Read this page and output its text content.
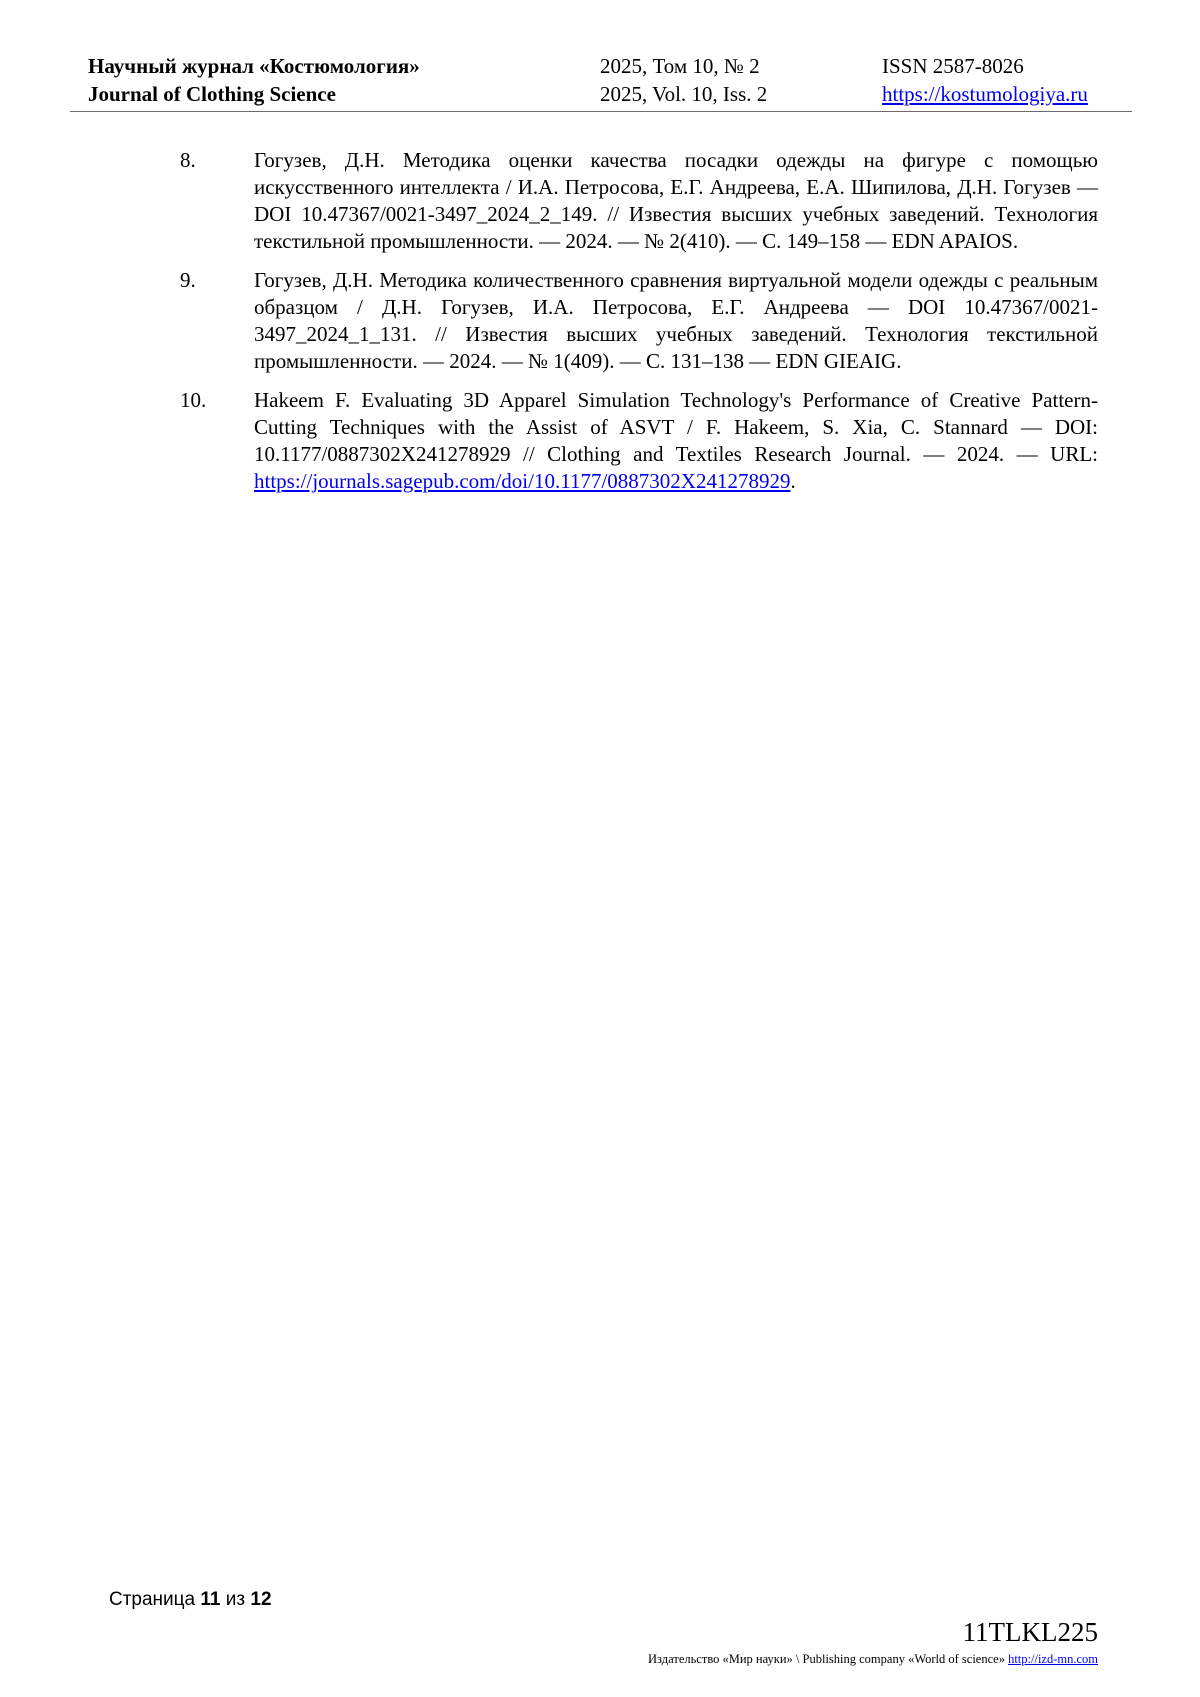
Научный журнал «Костюмология»
Journal of Clothing Science
2025, Том 10, № 2
2025, Vol. 10, Iss. 2
ISSN 2587-8026
https://kostumologiya.ru
8.	Гогузев, Д.Н. Методика оценки качества посадки одежды на фигуре с помощью искусственного интеллекта / И.А. Петросова, Е.Г. Андреева, Е.А. Шипилова, Д.Н. Гогузев — DOI 10.47367/0021-3497_2024_2_149. // Известия высших учебных заведений. Технология текстильной промышленности. — 2024. — № 2(410). — С. 149–158 — EDN APAIOS.
9.	Гогузев, Д.Н. Методика количественного сравнения виртуальной модели одежды с реальным образцом / Д.Н. Гогузев, И.А. Петросова, Е.Г. Андреева — DOI 10.47367/0021-3497_2024_1_131. // Известия высших учебных заведений. Технология текстильной промышленности. — 2024. — № 1(409). — С. 131–138 — EDN GIEAIG.
10. Hakeem F. Evaluating 3D Apparel Simulation Technology's Performance of Creative Pattern-Cutting Techniques with the Assist of ASVT / F. Hakeem, S. Xia, C. Stannard — DOI: 10.1177/0887302X241278929 // Clothing and Textiles Research Journal. — 2024. — URL: https://journals.sagepub.com/doi/10.1177/0887302X241278929.
Страница 11 из 12
11TLKL225
Издательство «Мир науки» \ Publishing company «World of science» http://izd-mn.com
